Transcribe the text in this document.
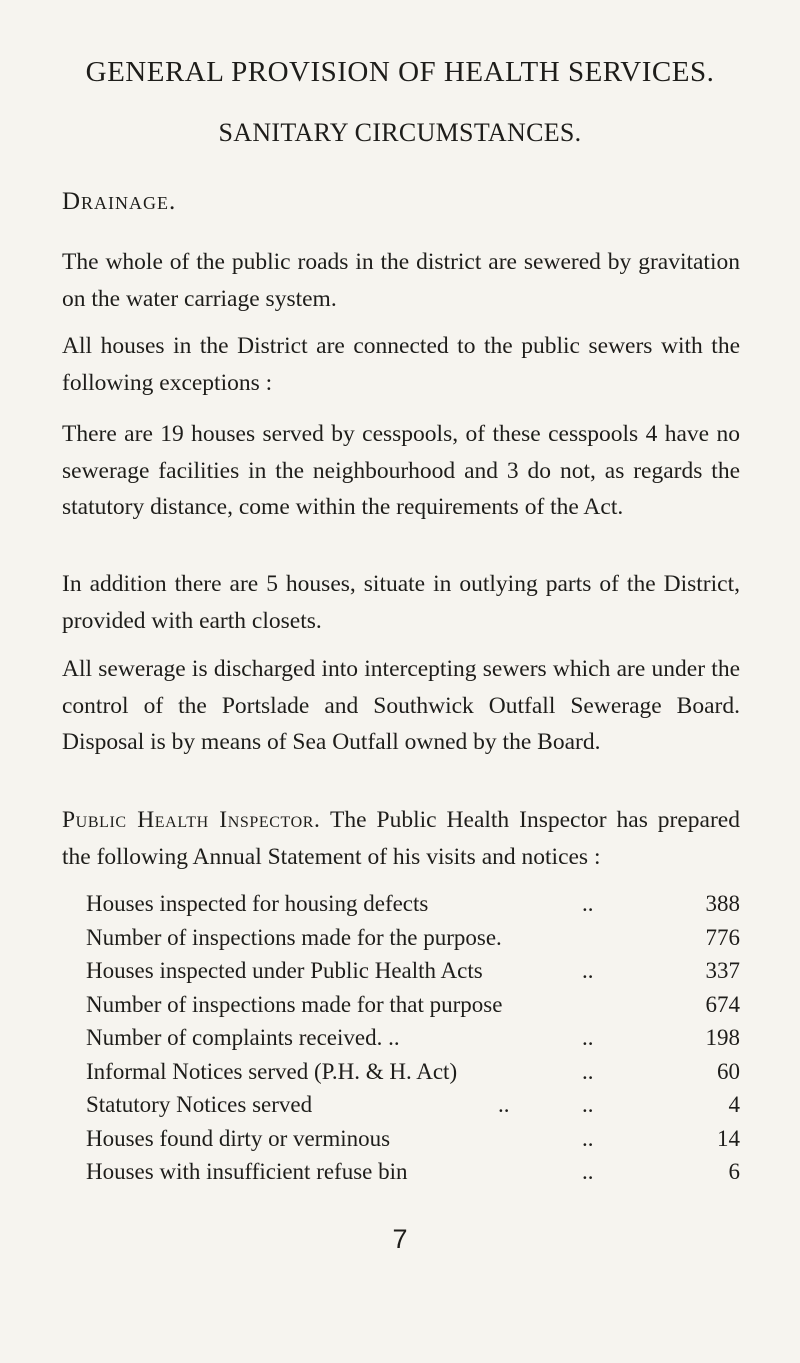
GENERAL PROVISION OF HEALTH SERVICES.
SANITARY CIRCUMSTANCES.
Drainage.

The whole of the public roads in the district are sewered by gravitation on the water carriage system.

All houses in the District are connected to the public sewers with the following exceptions :

There are 19 houses served by cesspools, of these cesspools 4 have no sewerage facilities in the neighbourhood and 3 do not, as regards the statutory distance, come within the requirements of the Act.

In addition there are 5 houses, situate in outlying parts of the District, provided with earth closets.

All sewerage is discharged into intercepting sewers which are under the control of the Portslade and Southwick Outfall Sewerage Board. Disposal is by means of Sea Outfall owned by the Board.

Public Health Inspector. The Public Health Inspector has prepared the following Annual Statement of his visits and notices :

Houses inspected for housing defects	..	388
Number of inspections made for the purpose.	776
Houses inspected under Public Health Acts	..	337
Number of inspections made for that purpose	674
Number of complaints received. ..	..	198
Informal Notices served (P.H. & H. Act)	..	60
Statutory Notices served	..	..	4
Houses found dirty or verminous	..	14
Houses with insufficient refuse bin	..	6
7
